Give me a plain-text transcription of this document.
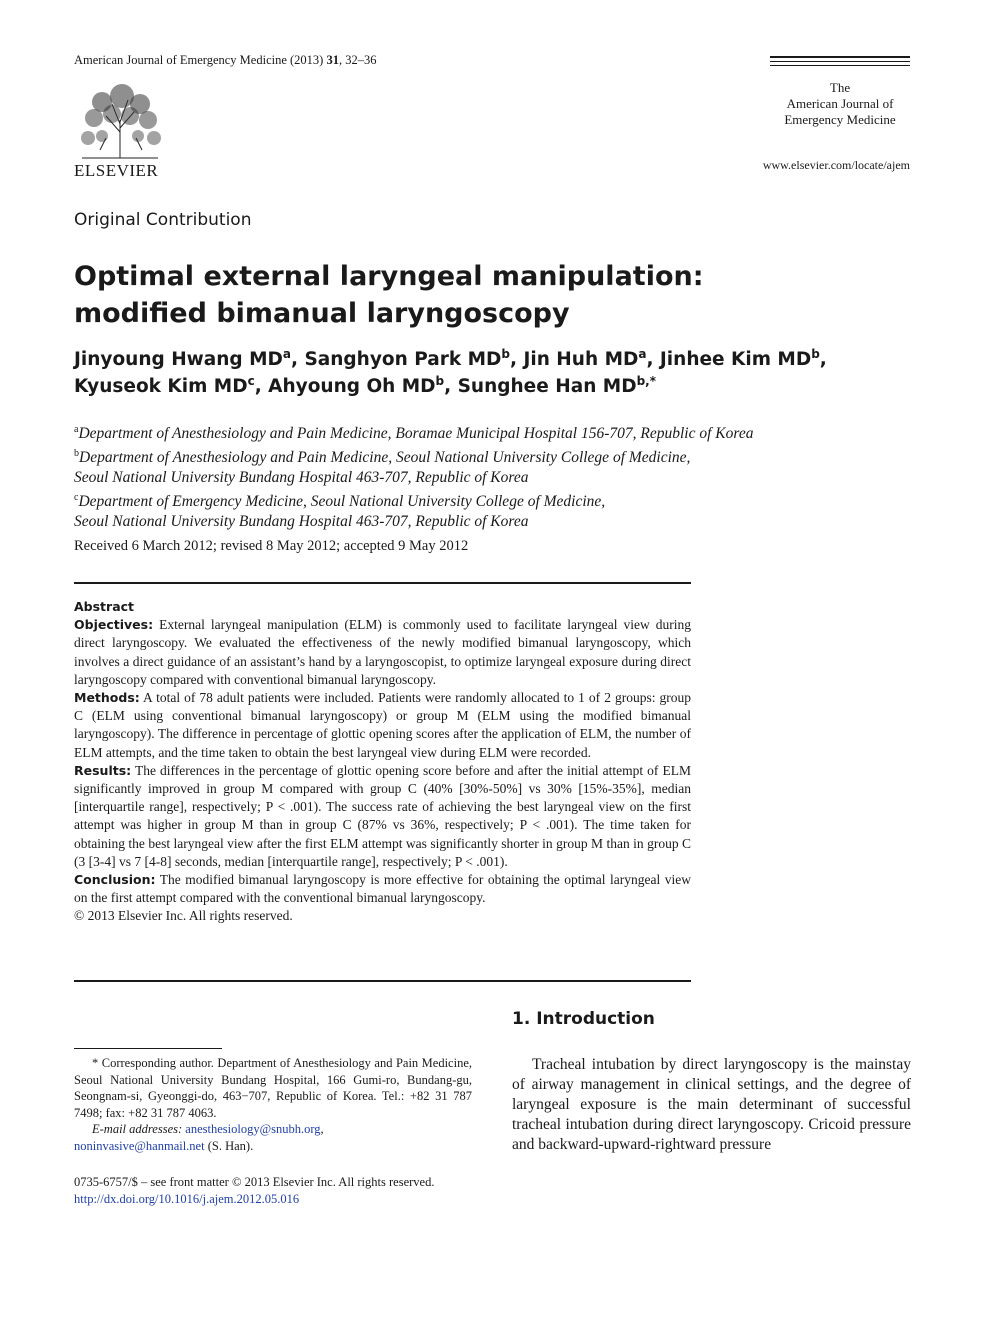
American Journal of Emergency Medicine (2013) 31, 32–36
ELSEVIER
The
American Journal of
Emergency Medicine
www.elsevier.com/locate/ajem
Original Contribution
Optimal external laryngeal manipulation:
modified bimanual laryngoscopy
Jinyoung Hwang $MD^a$, Sanghyon Park $MD^b$, Jin Huh $MD^a$, Jinhee Kim $MD^b$,
Kyuseok Kim $MD^c$, Ahyoung Oh $MD^b$, Sunghee Han $MD^{b,*}$
$^a$Department of Anesthesiology and Pain Medicine, Boramae Municipal Hospital 156-707, Republic of Korea
$^b$Department of Anesthesiology and Pain Medicine, Seoul National University College of Medicine,
Seoul National University Bundang Hospital 463-707, Republic of Korea
$^c$Department of Emergency Medicine, Seoul National University College of Medicine,
Seoul National University Bundang Hospital 463-707, Republic of Korea
Received 6 March 2012; revised 8 May 2012; accepted 9 May 2012
Abstract
Objectives: External laryngeal manipulation (ELM) is commonly used to facilitate laryngeal view during direct laryngoscopy. We evaluated the effectiveness of the newly modified bimanual laryngoscopy, which involves a direct guidance of an assistant’s hand by a laryngoscopist, to optimize laryngeal exposure during direct laryngoscopy compared with conventional bimanual laryngoscopy.
Methods: A total of 78 adult patients were included. Patients were randomly allocated to 1 of 2 groups: group C (ELM using conventional bimanual laryngoscopy) or group M (ELM using the modified bimanual laryngoscopy). The difference in percentage of glottic opening scores after the application of ELM, the number of ELM attempts, and the time taken to obtain the best laryngeal view during ELM were recorded.
Results: The differences in the percentage of glottic opening score before and after the initial attempt of ELM significantly improved in group M compared with group C (40% [30%-50%] vs 30% [15%-35%], median [interquartile range], respectively; P < .001). The success rate of achieving the best laryngeal view on the first attempt was higher in group M than in group C (87% vs 36%, respectively; P < .001). The time taken for obtaining the best laryngeal view after the first ELM attempt was significantly shorter in group M than in group C (3 [3-4] vs 7 [4-8] seconds, median [interquartile range], respectively; P < .001).
Conclusion: The modified bimanual laryngoscopy is more effective for obtaining the optimal laryngeal view on the first attempt compared with the conventional bimanual laryngoscopy.
© 2013 Elsevier Inc. All rights reserved.
* Corresponding author. Department of Anesthesiology and Pain Medicine, Seoul National University Bundang Hospital, 166 Gumi-ro, Bundang-gu, Seongnam-si, Gyeonggi-do, 463−707, Republic of Korea. Tel.: +82 31 787 7498; fax: +82 31 787 4063.
E-mail addresses: anesthesiology@snubh.org,
noninvasive@hanmail.net (S. Han).
0735-6757/$ – see front matter © 2013 Elsevier Inc. All rights reserved.
http://dx.doi.org/10.1016/j.ajem.2012.05.016
1. Introduction
Tracheal intubation by direct laryngoscopy is the mainstay of airway management in clinical settings, and the degree of laryngeal exposure is the main determinant of successful tracheal intubation during direct laryngoscopy. Cricoid pressure and backward-upward-rightward pressure
